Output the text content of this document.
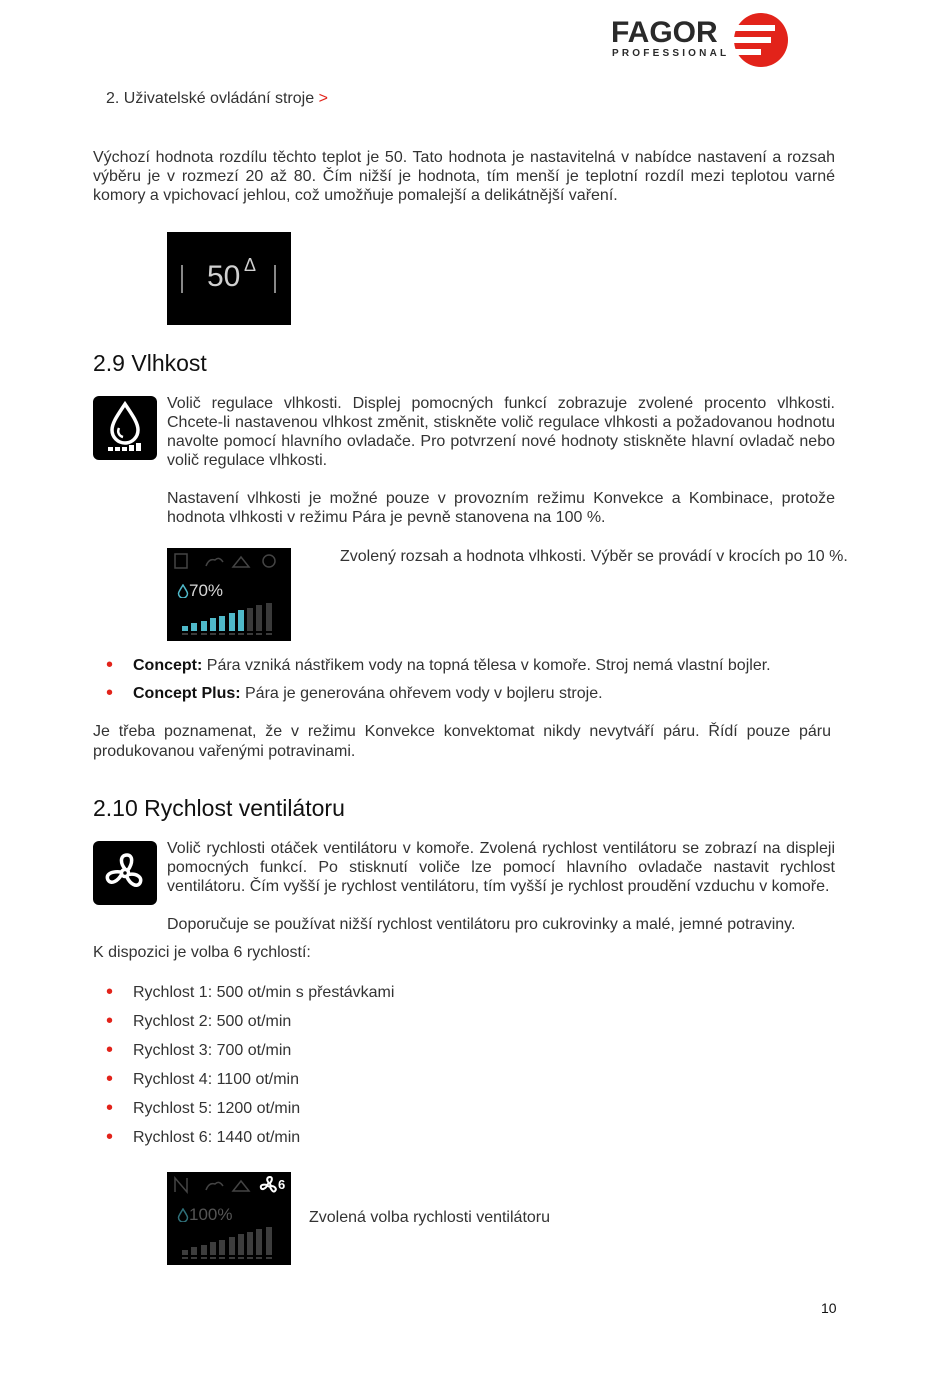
FAGOR
PROFESSIONAL
2. Uživatelské ovládání stroje >

Výchozí hodnota rozdílu těchto teplot je 50. Tato hodnota je nastavitelná v nabídce nastavení a rozsah výběru je v rozmezí 20 až 80. Čím nižší je hodnota, tím menší je teplotní rozdíl mezi teplotou varné komory a vpichovací jehlou, což umožňuje pomalejší a delikátnější vaření.

50 Δ
2.9 Vlhkost

Volič regulace vlhkosti. Displej pomocných funkcí zobrazuje zvolené procento vlhkosti. Chcete-li nastavenou vlhkost změnit, stiskněte volič regulace vlhkosti a požadovanou hodnotu navolte pomocí hlavního ovladače. Pro potvrzení nové hodnoty stiskněte hlavní ovladač nebo volič regulace vlhkosti.

Nastavení vlhkosti je možné pouze v provozním režimu Konvekce a Kombinace, protože hodnota vlhkosti v režimu Pára je pevně stanovena na 100 %.

70%

Zvolený rozsah a hodnota vlhkosti. Výběr se provádí v krocích po 10 %.

• Concept: Pára vzniká nástřikem vody na topná tělesa v komoře. Stroj nemá vlastní bojler.
• Concept Plus: Pára je generována ohřevem vody v bojleru stroje.

Je třeba poznamenat, že v režimu Konvekce konvektomat nikdy nevytváří páru. Řídí pouze páru produkovanou vařenými potravinami.

2.10 Rychlost ventilátoru

Volič rychlosti otáček ventilátoru v komoře. Zvolená rychlost ventilátoru se zobrazí na displeji pomocných funkcí. Po stisknutí voliče lze pomocí hlavního ovladače nastavit rychlost ventilátoru. Čím vyšší je rychlost ventilátoru, tím vyšší je rychlost proudění vzduchu v komoře.

Doporučuje se používat nižší rychlost ventilátoru pro cukrovinky a malé, jemné potraviny.

K dispozici je volba 6 rychlostí:

• Rychlost 1: 500 ot/min s přestávkami
• Rychlost 2: 500 ot/min
• Rychlost 3: 700 ot/min
• Rychlost 4: 1100 ot/min
• Rychlost 5: 1200 ot/min
• Rychlost 6: 1440 ot/min
6
100%	Zvolená volba rychlosti ventilátoru

10
